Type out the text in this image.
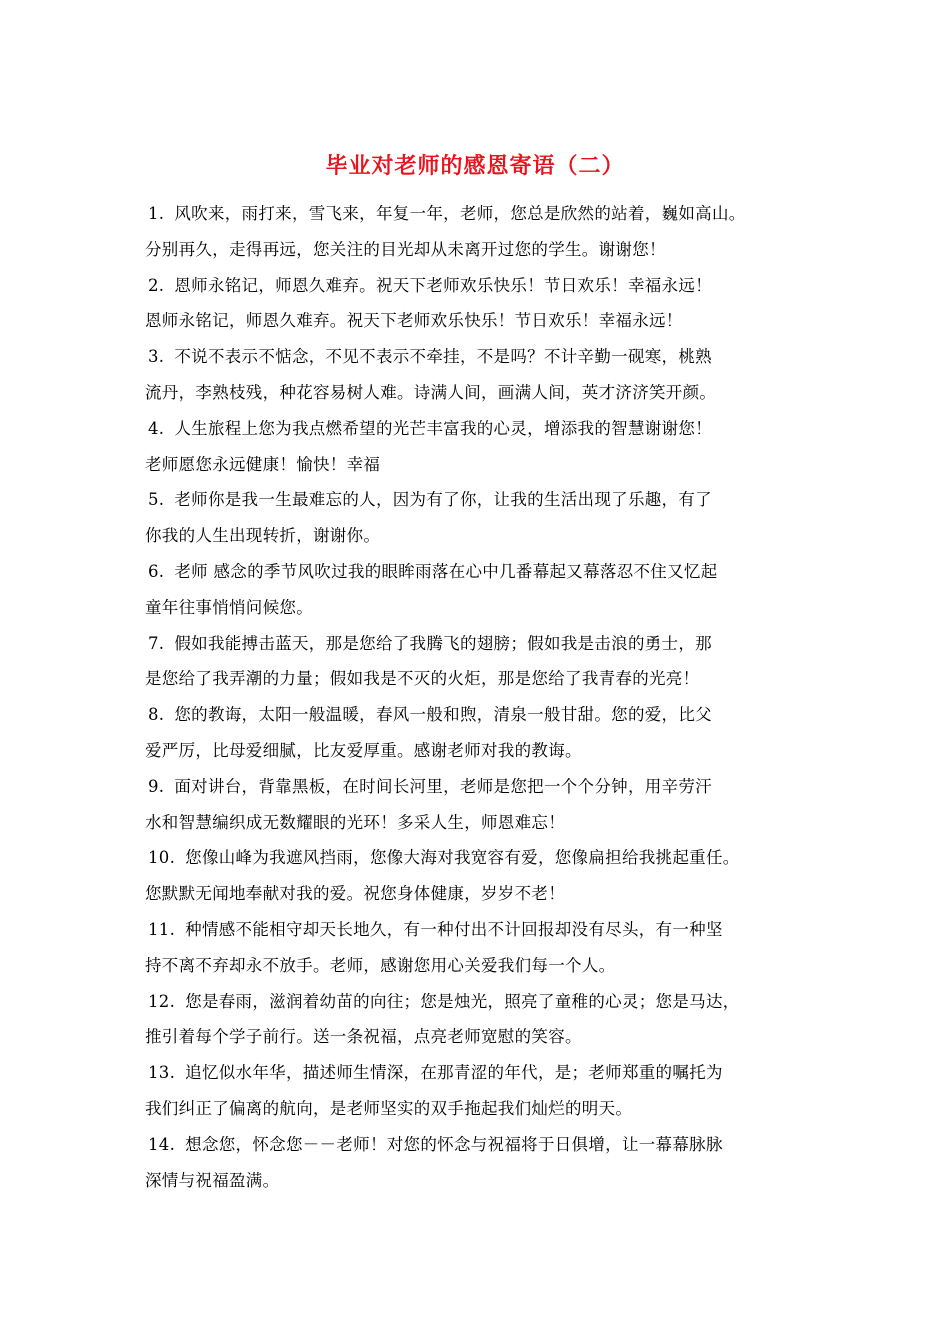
毕业对老师的感恩寄语（二）
1. 风吹来，雨打来，雪飞来，年复一年，老师，您总是欣然的站着，巍如高山。
分别再久，走得再远，您关注的目光却从未离开过您的学生。谢谢您！
2. 恩师永铭记，师恩久难弃。祝天下老师欢乐快乐！节日欢乐！幸福永远！
恩师永铭记，师恩久难弃。祝天下老师欢乐快乐！节日欢乐！幸福永远！
3. 不说不表示不惦念，不见不表示不牵挂，不是吗？不计辛勤一砚寒，桃熟
流丹，李熟枝残，种花容易树人难。诗满人间，画满人间，英才济济笑开颜。
4. 人生旅程上您为我点燃希望的光芒丰富我的心灵，增添我的智慧谢谢您！
老师愿您永远健康！愉快！幸福
5. 老师你是我一生最难忘的人，因为有了你，让我的生活出现了乐趣，有了
你我的人生出现转折，谢谢你。
6. 老师 感念的季节风吹过我的眼眸雨落在心中几番幕起又幕落忍不住又忆起
童年往事悄悄问候您。
7. 假如我能搏击蓝天，那是您给了我腾飞的翅膀；假如我是击浪的勇士，那
是您给了我弄潮的力量；假如我是不灭的火炬，那是您给了我青春的光亮！
8. 您的教诲，太阳一般温暖，春风一般和煦，清泉一般甘甜。您的爱，比父
爱严厉，比母爱细腻，比友爱厚重。感谢老师对我的教诲。
9. 面对讲台，背靠黑板，在时间长河里，老师是您把一个个分钟，用辛劳汗
水和智慧编织成无数耀眼的光环！多采人生，师恩难忘！
10. 您像山峰为我遮风挡雨，您像大海对我宽容有爱，您像扁担给我挑起重任。
您默默无闻地奉献对我的爱。祝您身体健康，岁岁不老！
11. 种情感不能相守却天长地久，有一种付出不计回报却没有尽头，有一种坚
持不离不弃却永不放手。老师，感谢您用心关爱我们每一个人。
12. 您是春雨，滋润着幼苗的向往；您是烛光，照亮了童稚的心灵；您是马达，
推引着每个学子前行。送一条祝福，点亮老师宽慰的笑容。
13. 追忆似水年华，描述师生情深，在那青涩的年代，是；老师郑重的嘱托为
我们纠正了偏离的航向，是老师坚实的双手拖起我们灿烂的明天。
14. 想念您，怀念您－－老师！对您的怀念与祝福将于日俱增，让一幕幕脉脉
深情与祝福盈满。
